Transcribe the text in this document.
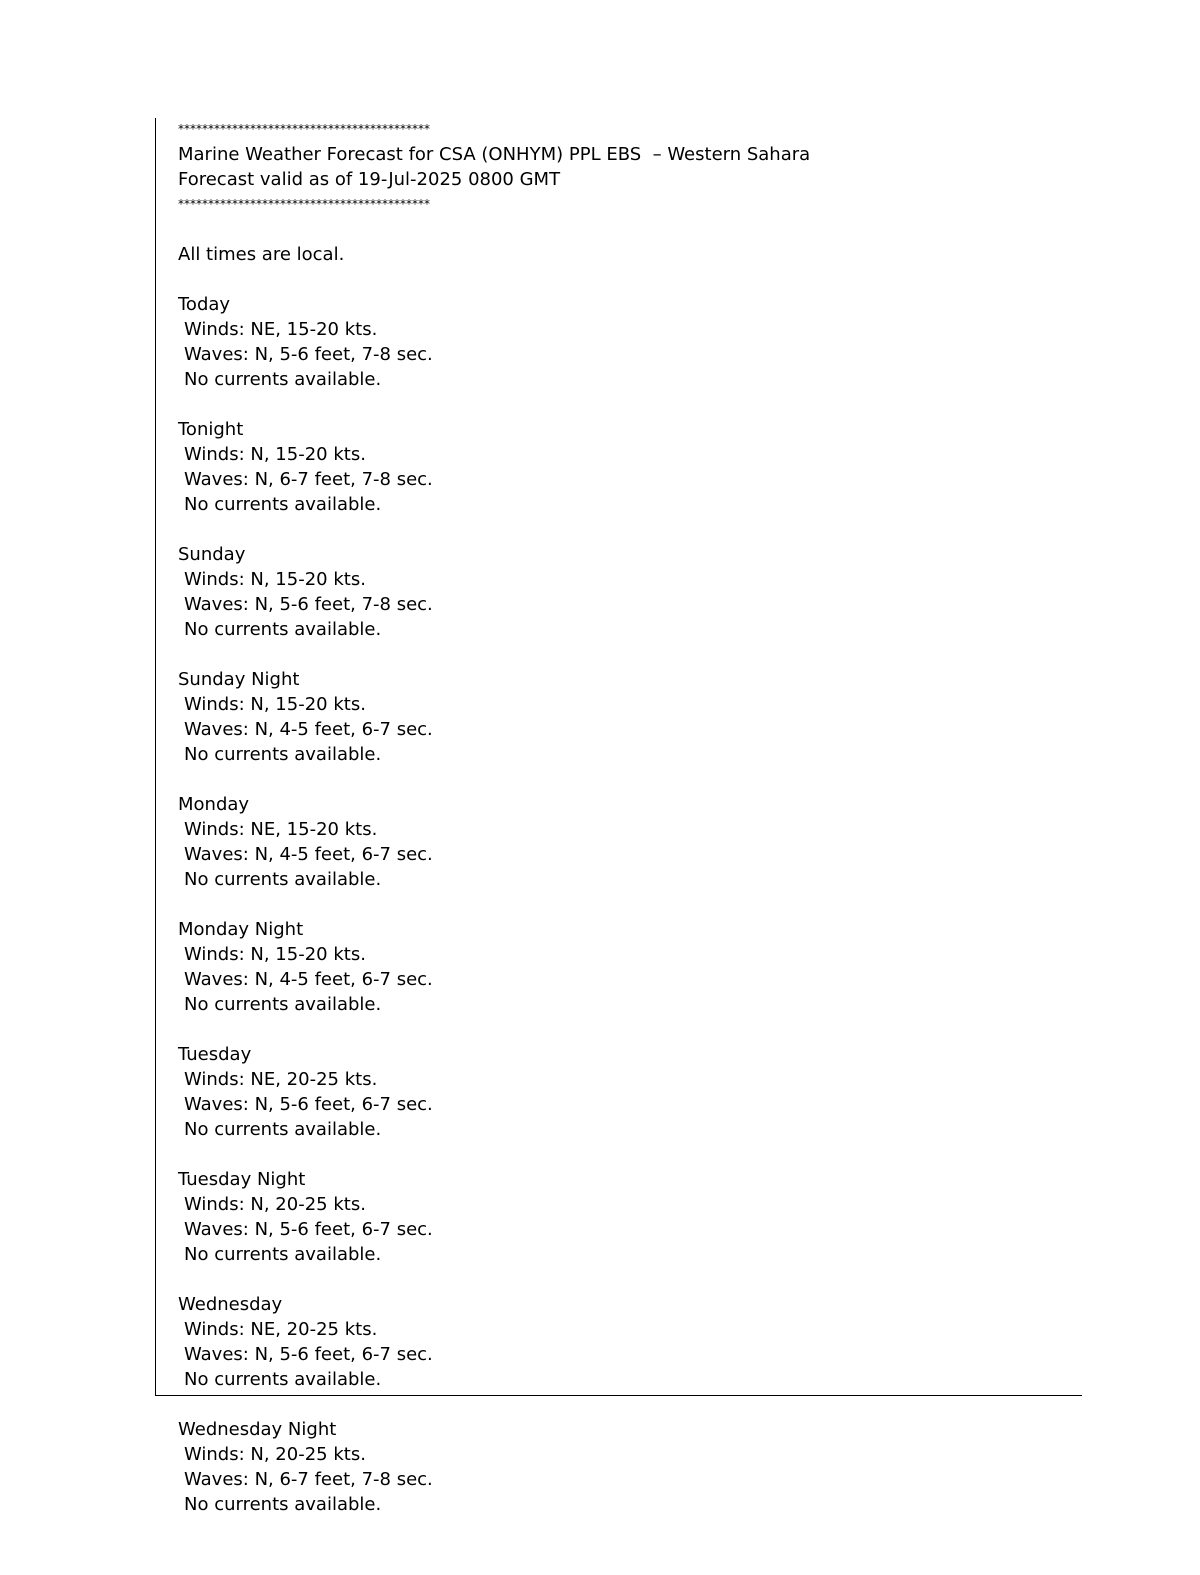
******************************************
Marine Weather Forecast for CSA (ONHYM) PPL EBS  – Western Sahara
Forecast valid as of 19-Jul-2025 0800 GMT
******************************************
All times are local.
Today
Winds: NE, 15-20 kts.
Waves: N, 5-6 feet, 7-8 sec.
No currents available.
Tonight
Winds: N, 15-20 kts.
Waves: N, 6-7 feet, 7-8 sec.
No currents available.
Sunday
Winds: N, 15-20 kts.
Waves: N, 5-6 feet, 7-8 sec.
No currents available.
Sunday Night
Winds: N, 15-20 kts.
Waves: N, 4-5 feet, 6-7 sec.
No currents available.
Monday
Winds: NE, 15-20 kts.
Waves: N, 4-5 feet, 6-7 sec.
No currents available.
Monday Night
Winds: N, 15-20 kts.
Waves: N, 4-5 feet, 6-7 sec.
No currents available.
Tuesday
Winds: NE, 20-25 kts.
Waves: N, 5-6 feet, 6-7 sec.
No currents available.
Tuesday Night
Winds: N, 20-25 kts.
Waves: N, 5-6 feet, 6-7 sec.
No currents available.
Wednesday
Winds: NE, 20-25 kts.
Waves: N, 5-6 feet, 6-7 sec.
No currents available.
Wednesday Night
Winds: N, 20-25 kts.
Waves: N, 6-7 feet, 7-8 sec.
No currents available.
